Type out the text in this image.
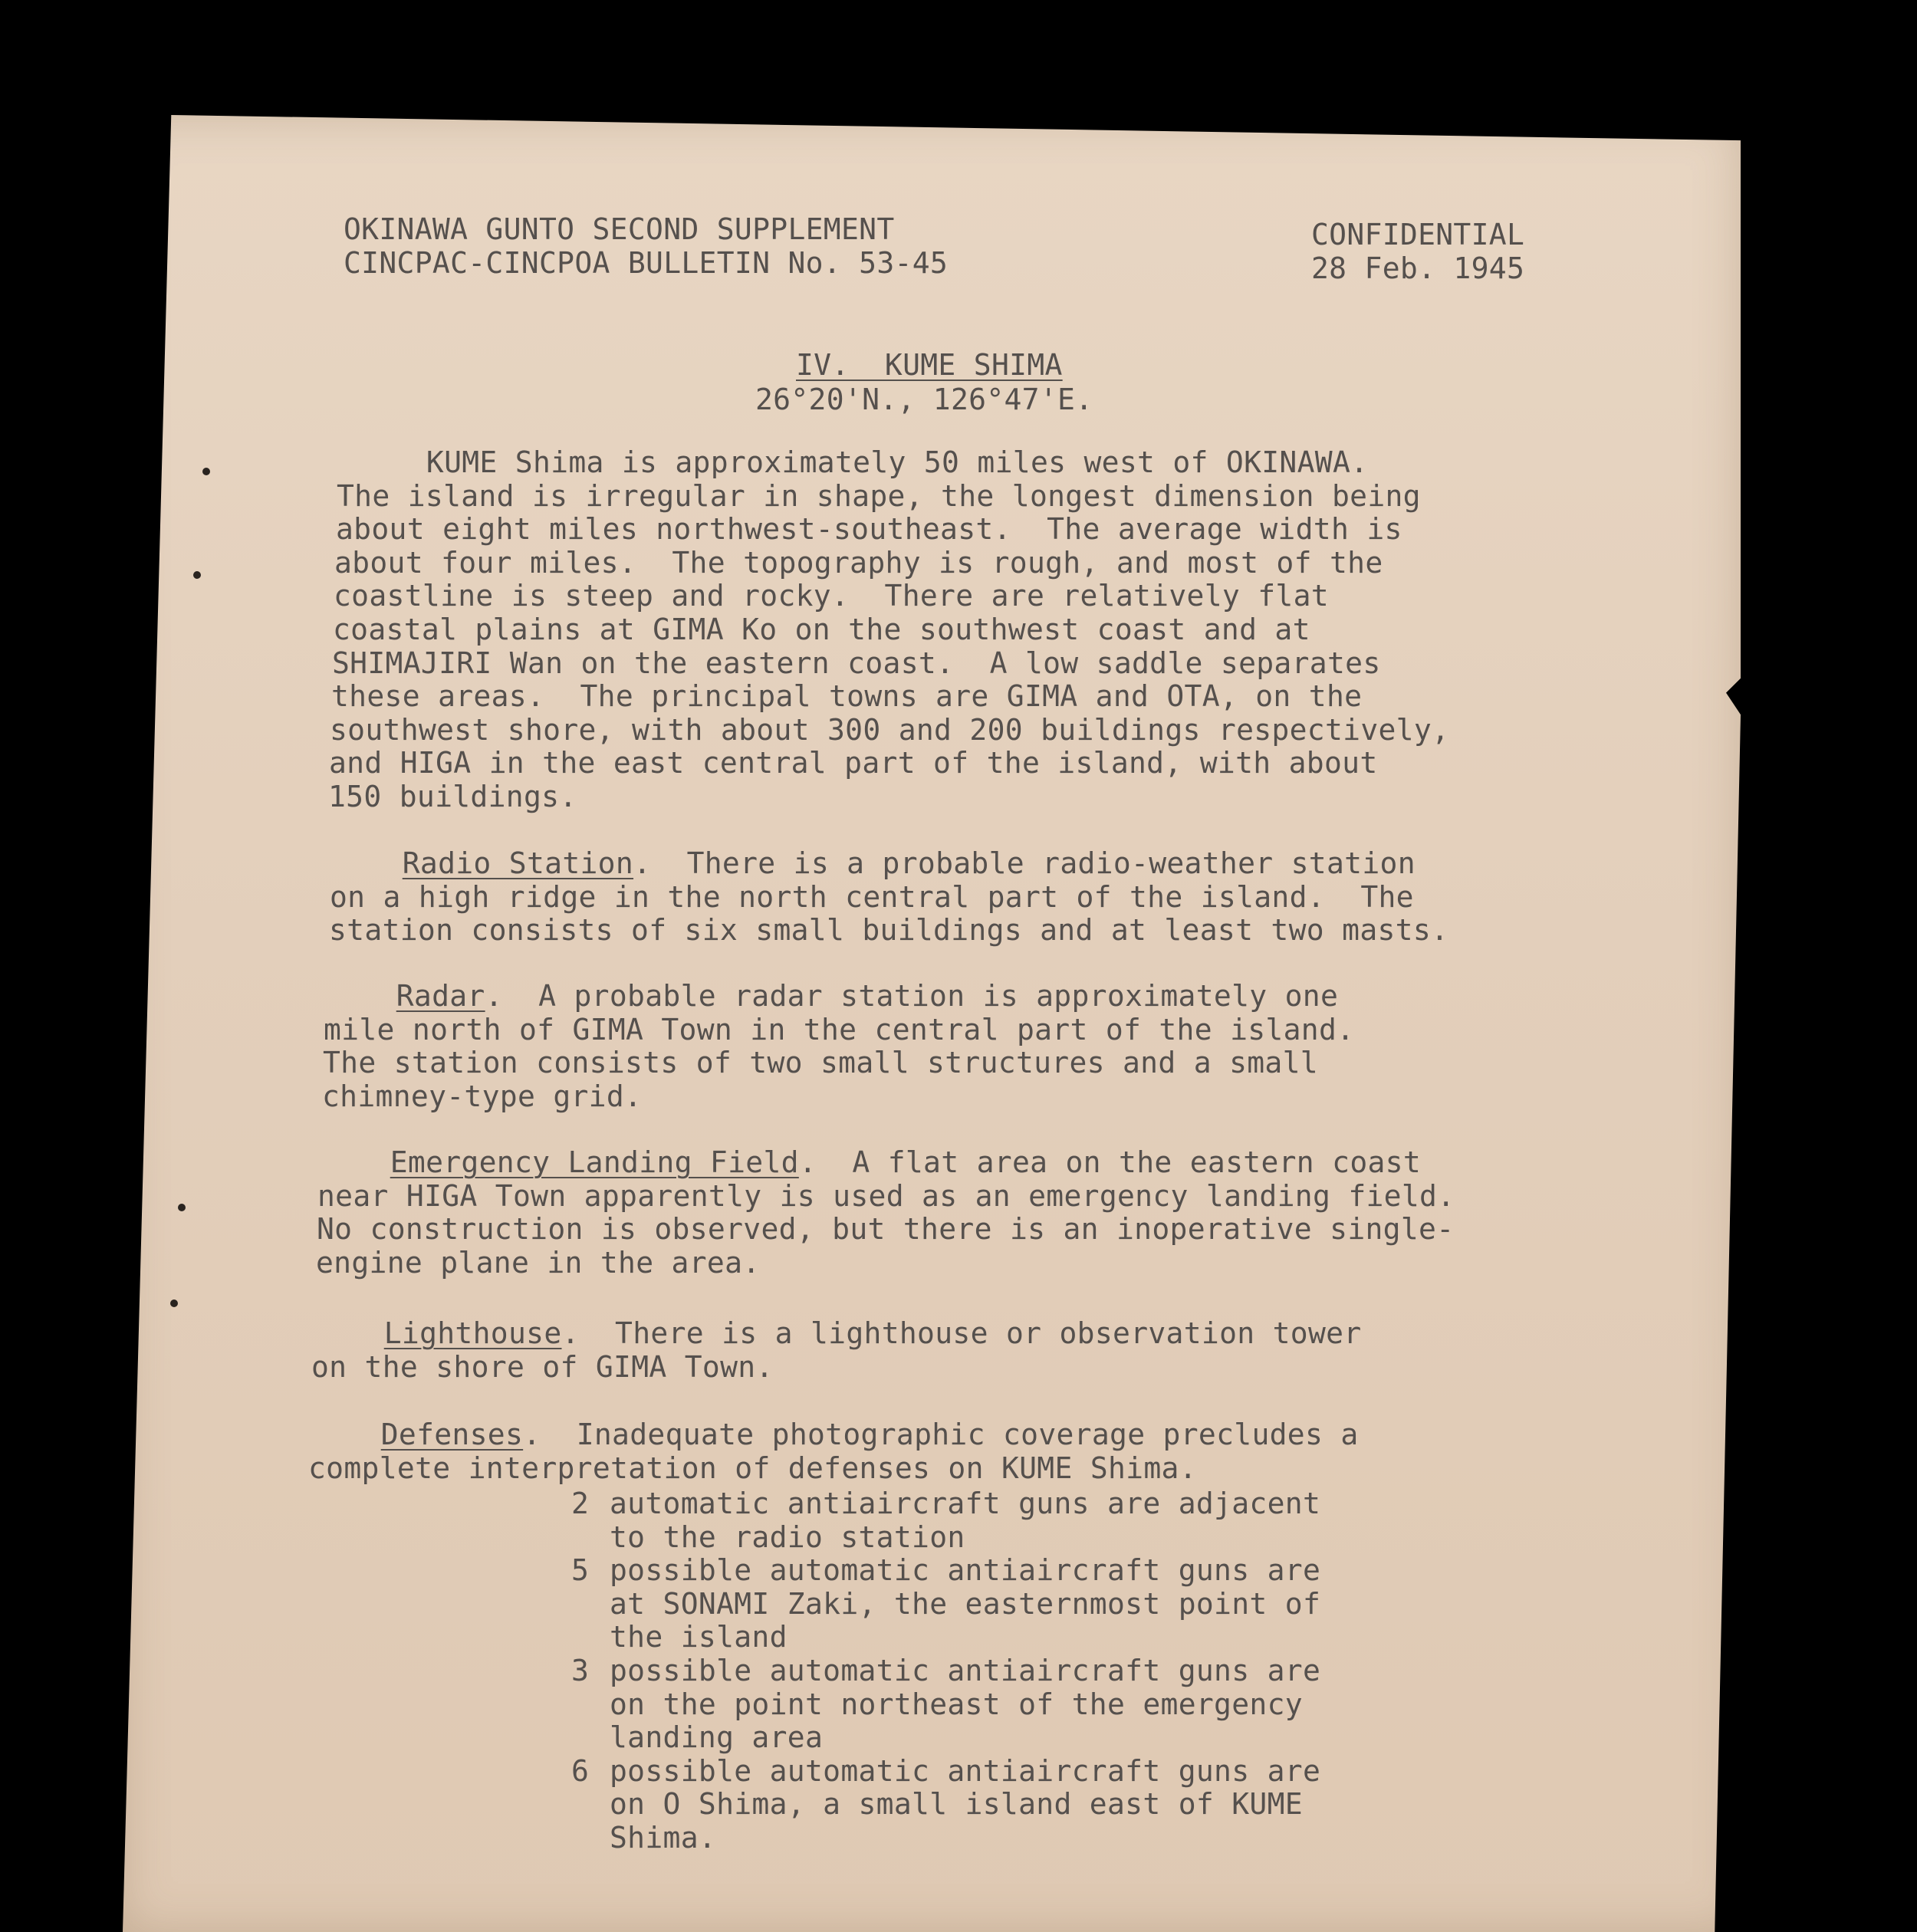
OKINAWA GUNTO SECOND SUPPLEMENT
CINCPAC-CINCPOA BULLETIN No. 53-45
CONFIDENTIAL
28 Feb. 1945
IV.  KUME SHIMA
26°20'N., 126°47'E.
KUME Shima is approximately 50 miles west of OKINAWA.
The island is irregular in shape, the longest dimension being
about eight miles northwest-southeast.  The average width is
about four miles.  The topography is rough, and most of the
coastline is steep and rocky.  There are relatively flat
coastal plains at GIMA Ko on the southwest coast and at
SHIMAJIRI Wan on the eastern coast.  A low saddle separates
these areas.  The principal towns are GIMA and OTA, on the
southwest shore, with about 300 and 200 buildings respectively,
and HIGA in the east central part of the island, with about
150 buildings.
Radio Station.  There is a probable radio-weather station
on a high ridge in the north central part of the island.  The
station consists of six small buildings and at least two masts.
Radar.  A probable radar station is approximately one
mile north of GIMA Town in the central part of the island.
The station consists of two small structures and a small
chimney-type grid.
Emergency Landing Field.  A flat area on the eastern coast
near HIGA Town apparently is used as an emergency landing field.
No construction is observed, but there is an inoperative single-
engine plane in the area.
Lighthouse.  There is a lighthouse or observation tower
on the shore of GIMA Town.
Defenses.  Inadequate photographic coverage precludes a
complete interpretation of defenses on KUME Shima.
2 automatic antiaircraft guns are adjacent
to the radio station
5 possible automatic antiaircraft guns are
at SONAMI Zaki, the easternmost point of
the island
3 possible automatic antiaircraft guns are
on the point northeast of the emergency
landing area
6 possible automatic antiaircraft guns are
on O Shima, a small island east of KUME
Shima.
